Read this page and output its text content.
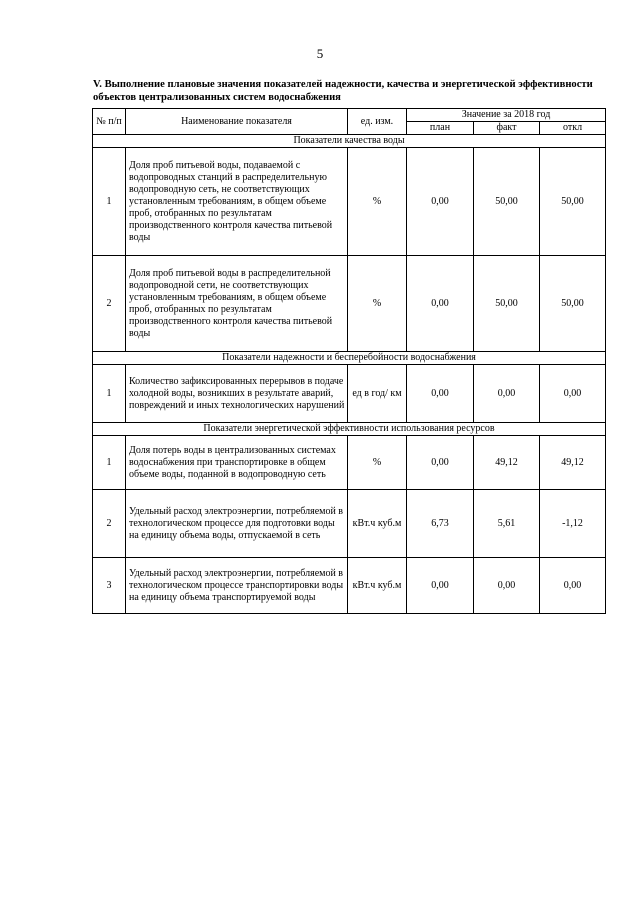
5
V. Выполнение плановые значения показателей надежности, качества и энергетической эффективности объектов централизованных систем водоснабжения
№ п/п	Наименование показателя	ед. изм.	Значение за 2018 год		
			план	факт	откл
Показатели качества воды					
1	Доля проб питьевой воды, подаваемой с водопроводных станций в распределительную водопроводную сеть, не соответствующих установленным требованиям, в общем объеме проб, отобранных по результатам производственного контроля качества питьевой воды	%	0,00	50,00	50,00
2	Доля проб питьевой воды в распределительной водопроводной сети, не соответствующих установленным требованиям, в общем объеме проб, отобранных по результатам производственного контроля качества питьевой воды	%	0,00	50,00	50,00
Показатели надежности и бесперебойности водоснабжения					
1	Количество зафиксированных перерывов в подаче холодной воды, возникших в результате аварий, повреждений и иных технологических нарушений	ед в год/ км	0,00	0,00	0,00
Показатели энергетической эффективности использования ресурсов					
1	Доля потерь воды в централизованных системах водоснабжения при транспортировке в общем объеме воды, поданной в водопроводную сеть	%	0,00	49,12	49,12
2	Удельный расход электроэнергии, потребляемой в технологическом процессе для подготовки воды на единицу объема воды, отпускаемой в сеть	кВт.ч куб.м	6,73	5,61	-1,12
3	Удельный расход электроэнергии, потребляемой в технологическом процессе транспортировки воды на единицу объема транспортируемой воды	кВт.ч куб.м	0,00	0,00	0,00
